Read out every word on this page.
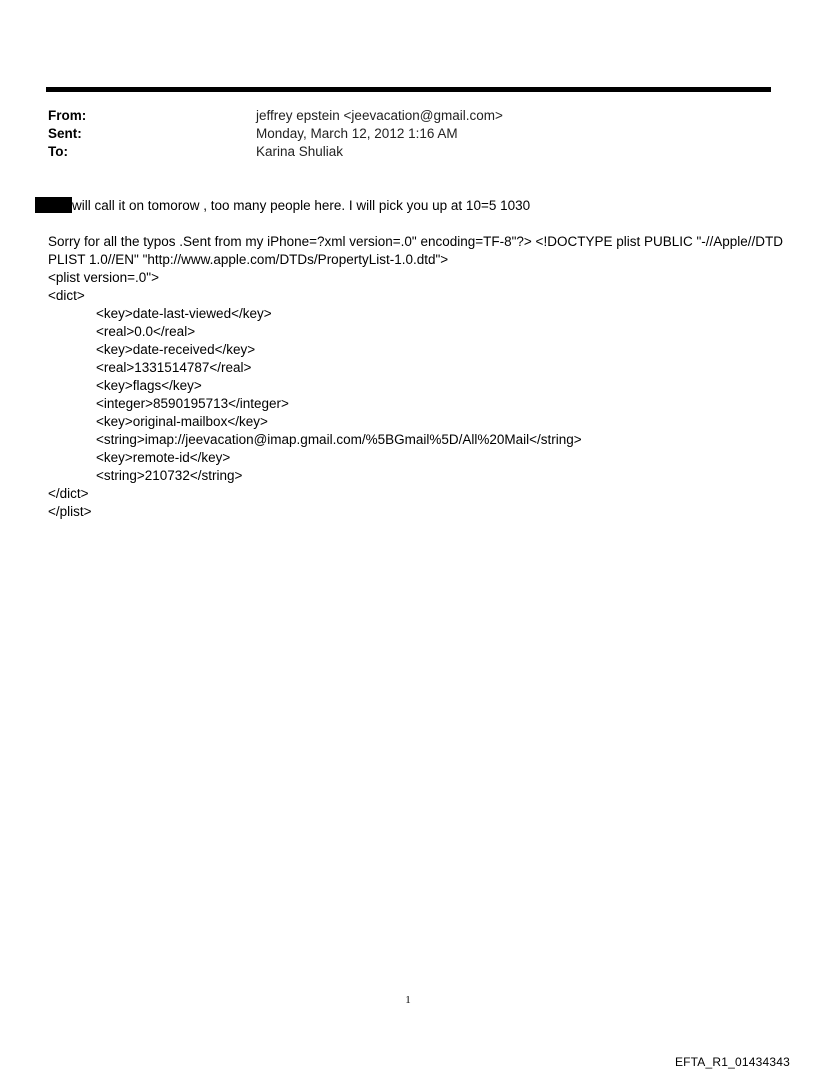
From:	jeffrey epstein <jeevacation@gmail.com>
Sent:	Monday, March 12, 2012 1:16 AM
To:	Karina Shuliak
will call it on tomorow , too many people here. I will pick you up at 10=5 1030
Sorry for all the typos .Sent from my iPhone=?xml version=.0" encoding=TF-8"?> <!DOCTYPE plist PUBLIC "-//Apple//DTD
PLIST 1.0//EN" "http://www.apple.com/DTDs/PropertyList-1.0.dtd">
<plist version=.0">
<dict>
<key>date-last-viewed</key>
<real>0.0</real>
<key>date-received</key>
<real>1331514787</real>
<key>flags</key>
<integer>8590195713</integer>
<key>original-mailbox</key>
<string>imap://jeevacation@imap.gmail.com/%5BGmail%5D/All%20Mail</string>
<key>remote-id</key>
<string>210732</string>
</dict>
</plist>
1
EFTA_R1_01434343
